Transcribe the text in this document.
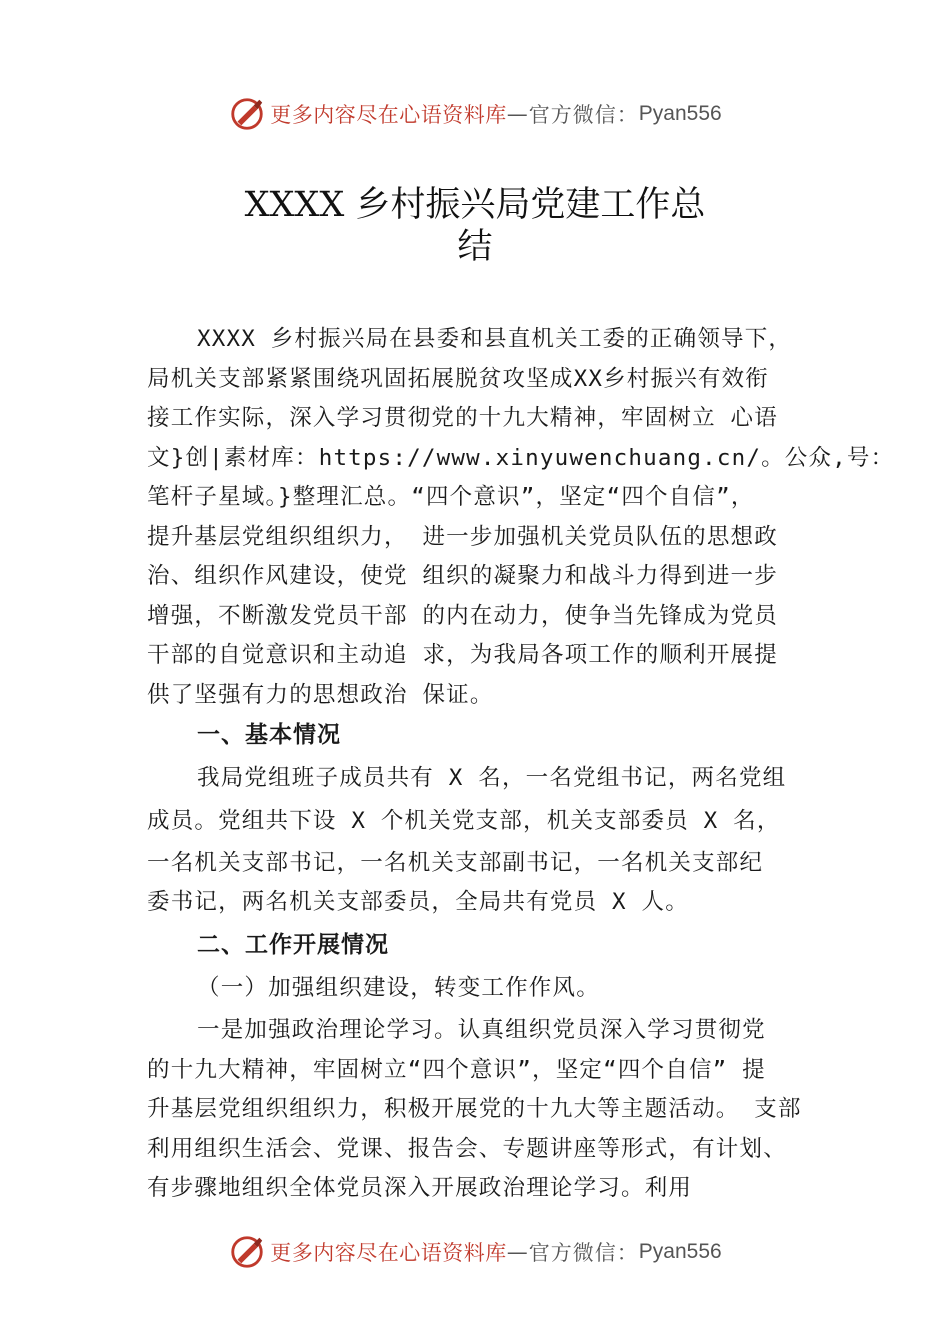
更多内容尽在心语资料库 — 官方微信： Pyan556
XXXX 乡村振兴局党建工作总
结
XXXX 乡村振兴局在县委和县直机关工委的正确领导下，
局机关支部紧紧围绕巩固拓展脱贫攻坚成XX乡村振兴有效衔
接工作实际，深入学习贯彻党的十九大精神，牢固树立 心语
文}创|素材库：https://www.xinyuwenchuang.cn/。公众,号：
笔杆子星域。}整理汇总。“四个意识”，坚定“四个自信”，
提升基层党组织组织力， 进一步加强机关党员队伍的思想政
治、组织作风建设，使党 组织的凝聚力和战斗力得到进一步
增强，不断激发党员干部 的内在动力，使争当先锋成为党员
干部的自觉意识和主动追 求，为我局各项工作的顺利开展提
供了坚强有力的思想政治 保证。
一、基本情况
我局党组班子成员共有 X 名，一名党组书记，两名党组
成员。党组共下设 X 个机关党支部，机关支部委员 X 名，
一名机关支部书记，一名机关支部副书记，一名机关支部纪
委书记，两名机关支部委员，全局共有党员 X 人。
二、工作开展情况
（一）加强组织建设，转变工作作风。
一是加强政治理论学习。认真组织党员深入学习贯彻党
的十九大精神，牢固树立“四个意识”，坚定“四个自信” 提
升基层党组织组织力，积极开展党的十九大等主题活动。 支部
利用组织生活会、党课、报告会、专题讲座等形式，有计划、
有步骤地组织全体党员深入开展政治理论学习。利用
更多内容尽在心语资料库 — 官方微信： Pyan556
